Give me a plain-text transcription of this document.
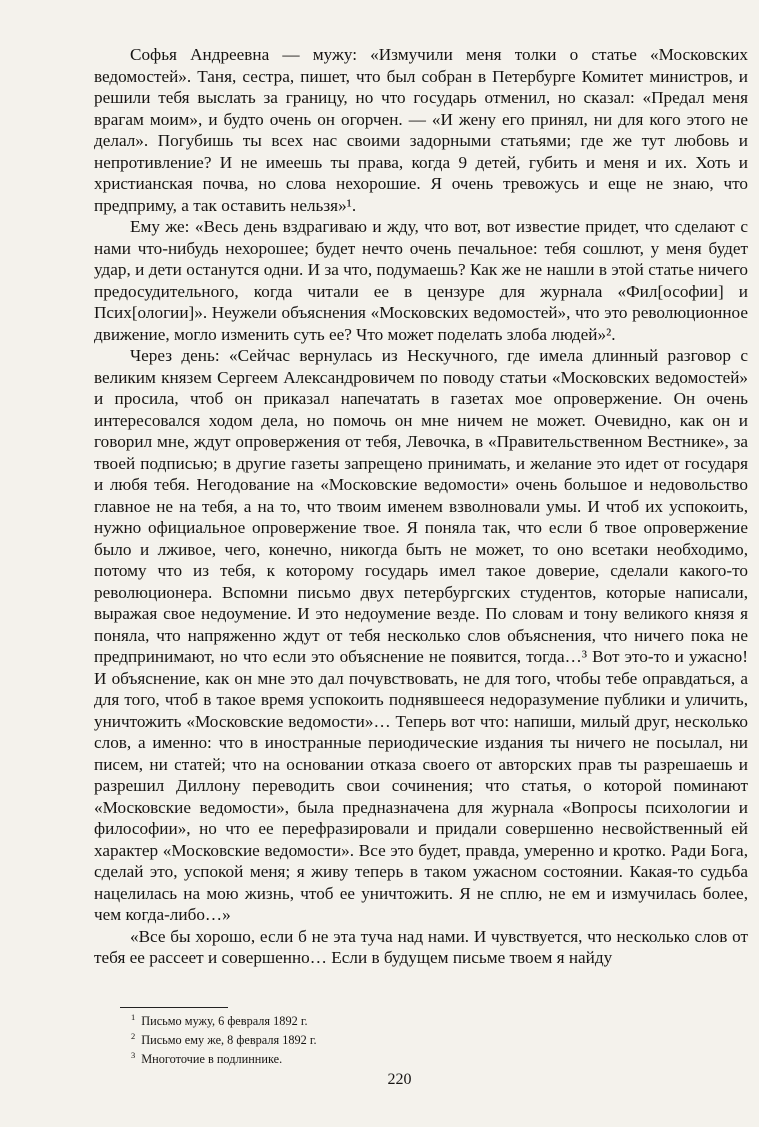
Софья Андреевна — мужу: «Измучили меня толки о статье «Московских ведомостей». Таня, сестра, пишет, что был собран в Петербурге Комитет министров, и решили тебя выслать за границу, но что государь отменил, но сказал: «Предал меня врагам моим», и будто очень он огорчен. — «И жену его принял, ни для кого этого не делал». Погубишь ты всех нас своими задорными статьями; где же тут любовь и непротивление? И не имеешь ты права, когда 9 детей, губить и меня и их. Хоть и христианская почва, но слова нехорошие. Я очень тревожусь и еще не знаю, что предприму, а так оставить нельзя»¹.

Ему же: «Весь день вздрагиваю и жду, что вот, вот известие придет, что сделают с нами что-нибудь нехорошее; будет нечто очень печальное: тебя сошлют, у меня будет удар, и дети останутся одни. И за что, подумаешь? Как же не нашли в этой статье ничего предосудительного, когда читали ее в цензуре для журнала «Фил[ософии] и Псих[ологии]». Неужели объяснения «Московских ведомостей», что это революционное движение, могло изменить суть ее? Что может поделать злоба людей»².

Через день: «Сейчас вернулась из Нескучного, где имела длинный разговор с великим князем Сергеем Александровичем по поводу статьи «Московских ведомостей» и просила, чтоб он приказал напечатать в газетах мое опровержение. Он очень интересовался ходом дела, но помочь он мне ничем не может. Очевидно, как он и говорил мне, ждут опровержения от тебя, Левочка, в «Правительственном Вестнике», за твоей подписью; в другие газеты запрещено принимать, и желание это идет от государя и любя тебя. Негодование на «Московские ведомости» очень большое и недовольство главное не на тебя, а на то, что твоим именем взволновали умы. И чтоб их успокоить, нужно официальное опровержение твое. Я поняла так, что если б твое опровержение было и лживое, чего, конечно, никогда быть не может, то оно всетаки необходимо, потому что из тебя, к которому государь имел такое доверие, сделали какого-то революционера. Вспомни письмо двух петербургских студентов, которые написали, выражая свое недоумение. И это недоумение везде. По словам и тону великого князя я поняла, что напряженно ждут от тебя несколько слов объяснения, что ничего пока не предпринимают, но что если это объяснение не появится, тогда…³ Вот это-то и ужасно! И объяснение, как он мне это дал почувствовать, не для того, чтобы тебе оправдаться, а для того, чтоб в такое время успокоить поднявшееся недоразумение публики и уличить, уничтожить «Московские ведомости»… Теперь вот что: напиши, милый друг, несколько слов, а именно: что в иностранные периодические издания ты ничего не посылал, ни писем, ни статей; что на основании отказа своего от авторских прав ты разрешаешь и разрешил Диллону переводить свои сочинения; что статья, о которой поминают «Московские ведомости», была предназначена для журнала «Вопросы психологии и философии», но что ее перефразировали и придали совершенно несвойственный ей характер «Московские ведомости». Все это будет, правда, умеренно и кротко. Ради Бога, сделай это, успокой меня; я живу теперь в таком ужасном состоянии. Какая-то судьба нацелилась на мою жизнь, чтоб ее уничтожить. Я не сплю, не ем и измучилась более, чем когда-либо…»

«Все бы хорошо, если б не эта туча над нами. И чувствуется, что несколько слов от тебя ее рассеет и совершенно… Если в будущем письме твоем я найду

$^1$ Письмо мужу, 6 февраля 1892 г.

$^2$ Письмо ему же, 8 февраля 1892 г.

$^3$ Многоточие в подлиннике.

220
